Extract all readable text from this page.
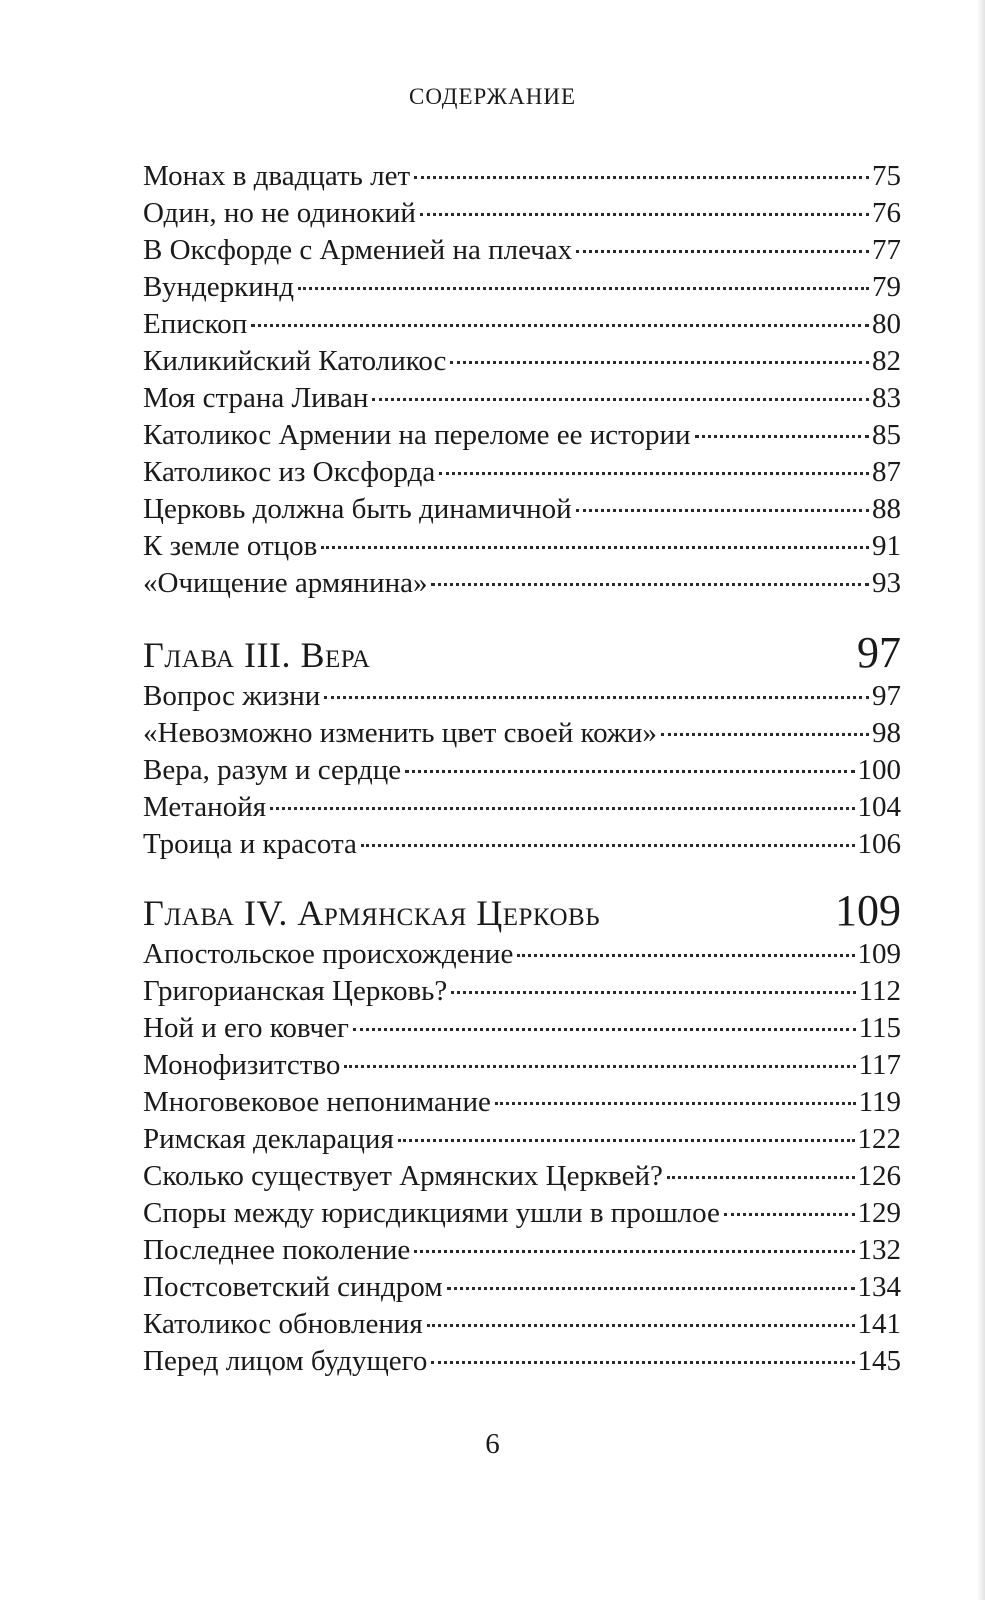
СОДЕРЖАНИЕ
Монах в двадцать лет	75
Один, но не одинокий	76
В Оксфорде с Арменией на плечах	77
Вундеркинд	79
Епископ	80
Киликийский Католикос	82
Моя страна Ливан	83
Католикос Армении на переломе ее истории	85
Католикос из Оксфорда	87
Церковь должна быть динамичной	88
К земле отцов	91
«Очищение армянина»	93
Глава III. Вера	97
Вопрос жизни	97
«Невозможно изменить цвет своей кожи»	98
Вера, разум и сердце	100
Метанойя	104
Троица и красота	106
Глава IV. Армянская Церковь	109
Апостольское происхождение	109
Григорианская Церковь?	112
Ной и его ковчег	115
Монофизитство	117
Многовековое непонимание	119
Римская декларация	122
Сколько существует Армянских Церквей?	126
Споры между юрисдикциями ушли в прошлое	129
Последнее поколение	132
Постсоветский синдром	134
Католикос обновления	141
Перед лицом будущего	145
6
